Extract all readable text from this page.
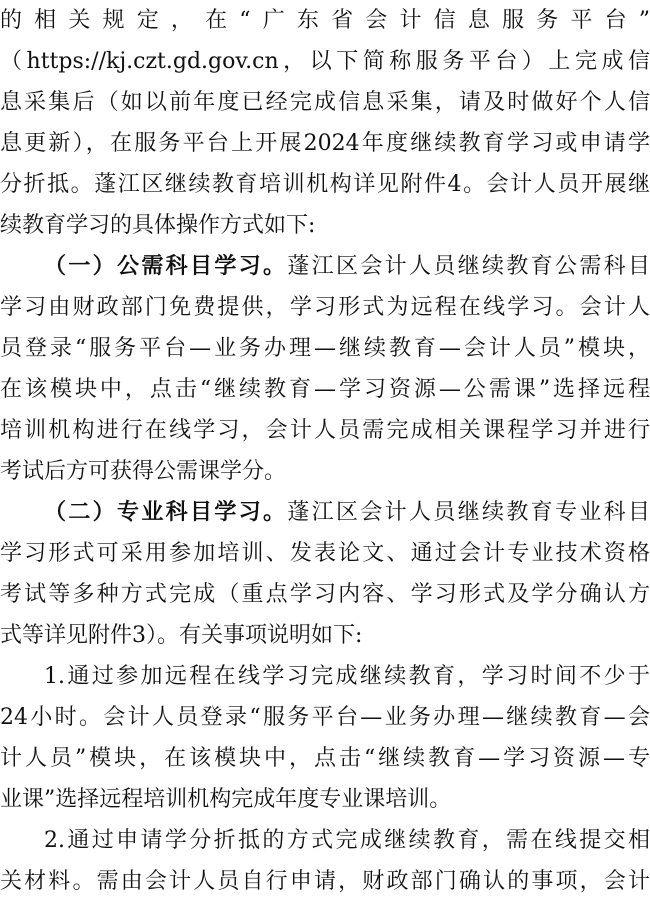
的相关规定，在“广东省会计信息服务平台”
（https://kj.czt.gd.gov.cn，以下简称服务平台）上完成信
息采集后（如以前年度已经完成信息采集，请及时做好个人信
息更新），在服务平台上开展2024年度继续教育学习或申请学
分折抵。蓬江区继续教育培训机构详见附件4。会计人员开展继
续教育学习的具体操作方式如下:
（一）公需科目学习。蓬江区会计人员继续教育公需科目
学习由财政部门免费提供，学习形式为远程在线学习。会计人
员登录“服务平台—业务办理—继续教育—会计人员”模块，
在该模块中，点击“继续教育—学习资源—公需课”选择远程
培训机构进行在线学习，会计人员需完成相关课程学习并进行
考试后方可获得公需课学分。
（二）专业科目学习。蓬江区会计人员继续教育专业科目
学习形式可采用参加培训、发表论文、通过会计专业技术资格
考试等多种方式完成（重点学习内容、学习形式及学分确认方
式等详见附件3）。有关事项说明如下:
1.通过参加远程在线学习完成继续教育，学习时间不少于
24小时。会计人员登录“服务平台—业务办理—继续教育—会
计人员”模块，在该模块中，点击“继续教育—学习资源—专
业课”选择远程培训机构完成年度专业课培训。
2.通过申请学分折抵的方式完成继续教育，需在线提交相
关材料。需由会计人员自行申请，财政部门确认的事项，会计
